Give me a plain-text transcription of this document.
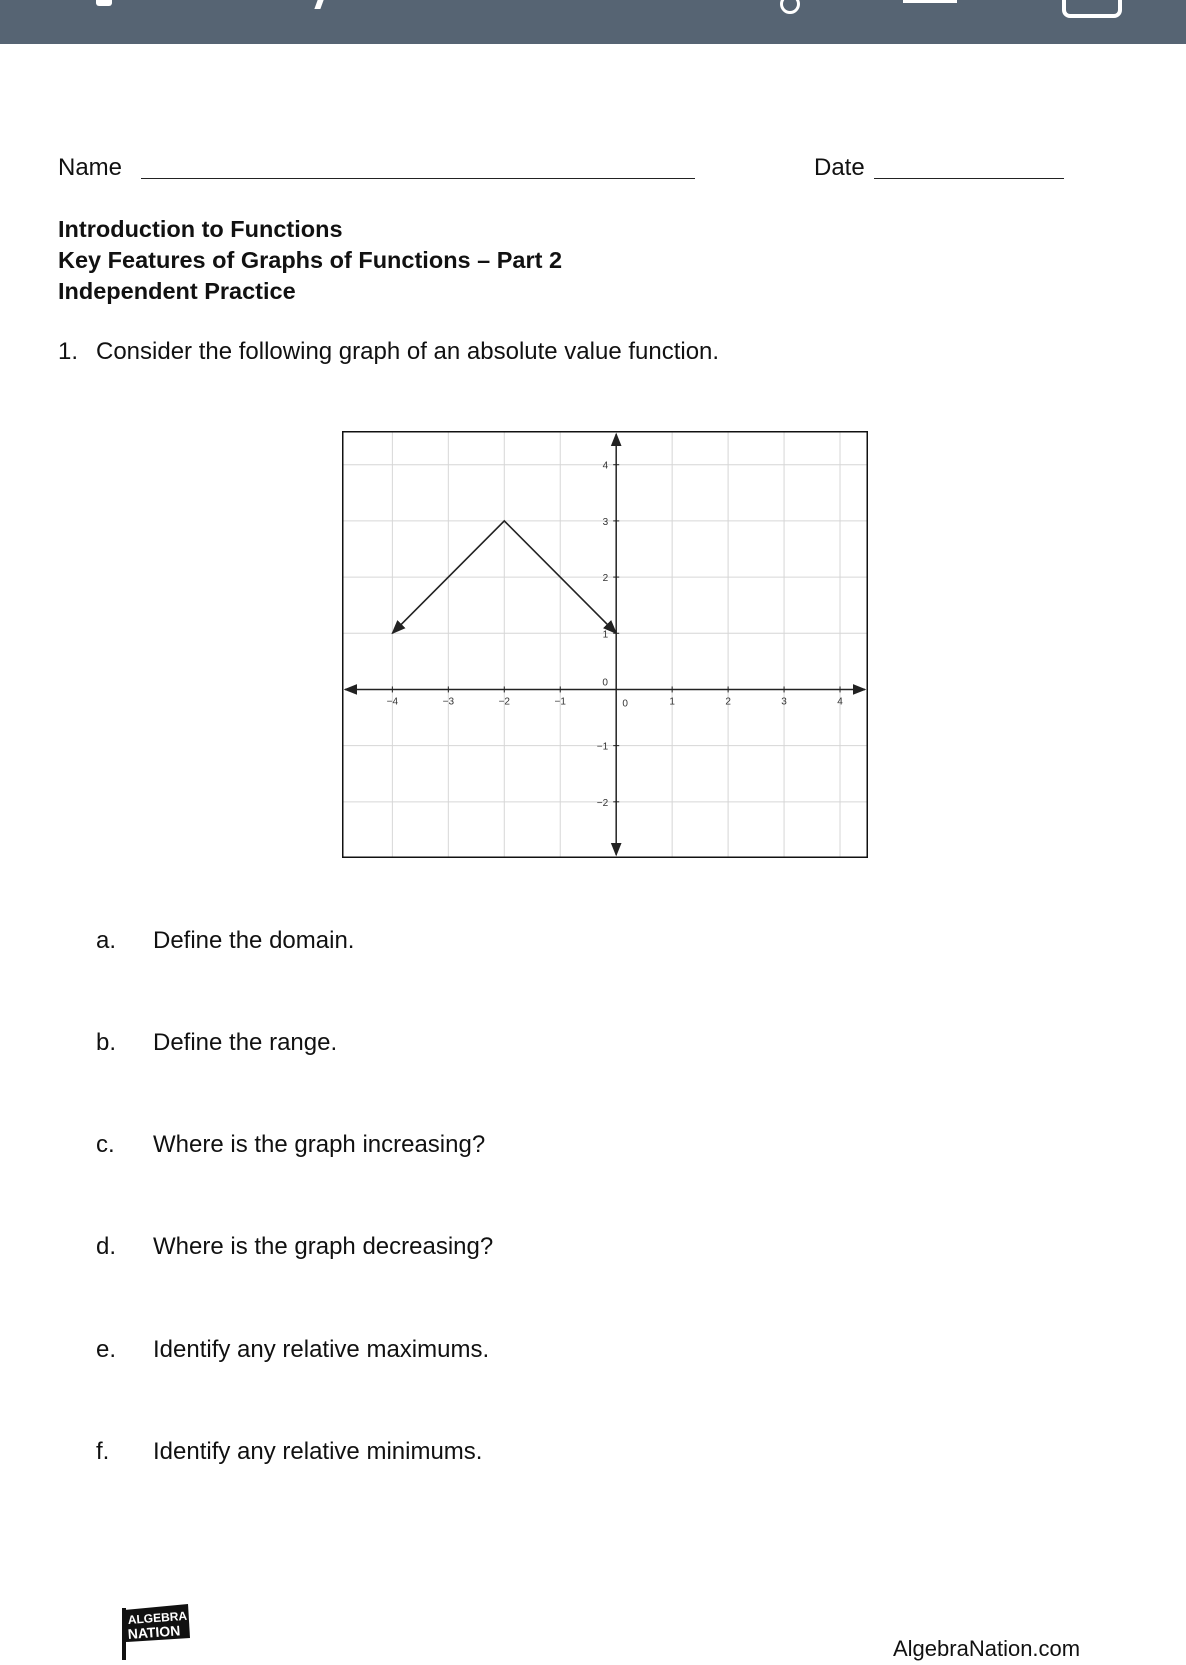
Name	Date
Introduction to Functions
Key Features of Graphs of Functions – Part 2
Independent Practice
1. Consider the following graph of an absolute value function.
−4	−3	−2	−1	0	1	2	3	4
−2
−1
0
1
2
3
4
a. Define the domain.
b. Define the range.
c. Where is the graph increasing?
d. Where is the graph decreasing?
e. Identify any relative maximums.
f. Identify any relative minimums.
ALGEBRA
NATION
AlgebraNation.com
